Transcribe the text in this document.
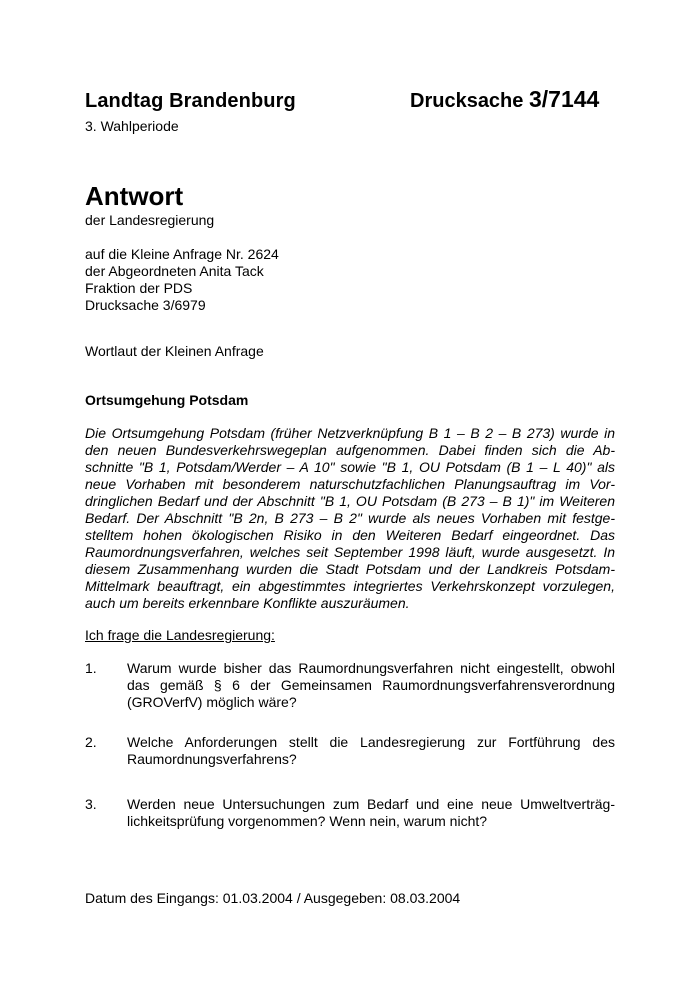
Landtag Brandenburg	Drucksache 3/7144
3. Wahlperiode
Antwort
der Landesregierung
auf die Kleine Anfrage Nr. 2624
der Abgeordneten Anita Tack
Fraktion der PDS
Drucksache 3/6979
Wortlaut der Kleinen Anfrage
Ortsumgehung Potsdam
Die Ortsumgehung Potsdam (früher Netzverknüpfung B 1 – B 2 – B 273) wurde in
den neuen Bundesverkehrswegeplan aufgenommen. Dabei finden sich die Ab-
schnitte "B 1, Potsdam/Werder – A 10" sowie "B 1, OU Potsdam (B 1 – L 40)" als
neue Vorhaben mit besonderem naturschutzfachlichen Planungsauftrag im Vor-
dringlichen Bedarf und der Abschnitt "B 1, OU Potsdam (B 273 – B 1)" im Weiteren
Bedarf. Der Abschnitt "B 2n, B 273 – B 2" wurde als neues Vorhaben mit festge-
stelltem hohen ökologischen Risiko in den Weiteren Bedarf eingeordnet. Das
Raumordnungsverfahren, welches seit September 1998 läuft, wurde ausgesetzt. In
diesem Zusammenhang wurden die Stadt Potsdam und der Landkreis Potsdam-
Mittelmark beauftragt, ein abgestimmtes integriertes Verkehrskonzept vorzulegen,
auch um bereits erkennbare Konflikte auszuräumen.
Ich frage die Landesregierung:
1. Warum wurde bisher das Raumordnungsverfahren nicht eingestellt, obwohl
das gemäß § 6 der Gemeinsamen Raumordnungsverfahrensverordnung
(GROVerfV) möglich wäre?
2. Welche Anforderungen stellt die Landesregierung zur Fortführung des
Raumordnungsverfahrens?
3. Werden neue Untersuchungen zum Bedarf und eine neue Umweltverträg-
lichkeitsprüfung vorgenommen? Wenn nein, warum nicht?
Datum des Eingangs: 01.03.2004 / Ausgegeben: 08.03.2004
